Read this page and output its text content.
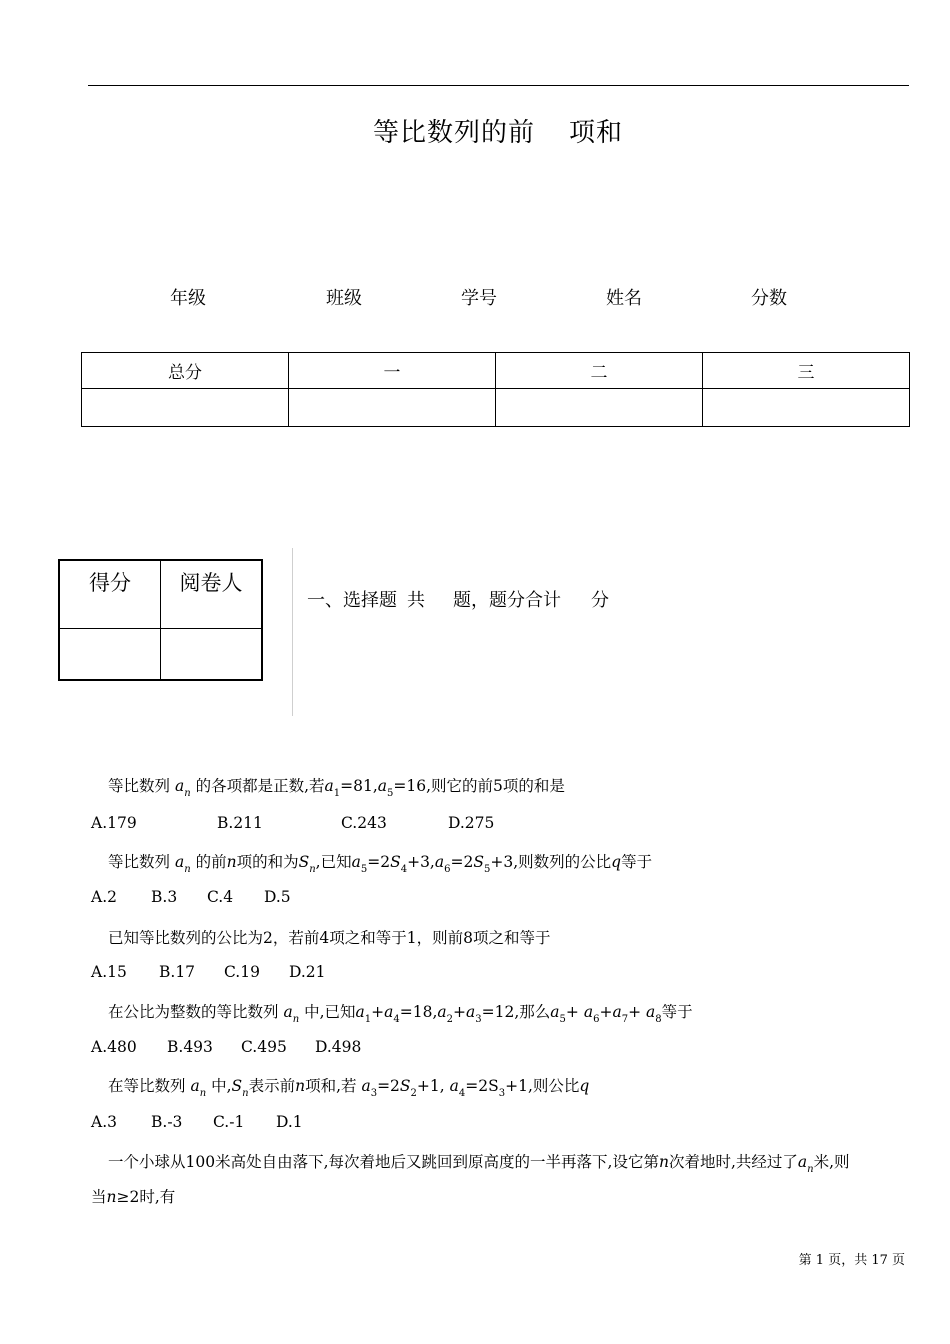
等比数列的前 项和
年级	班级	学号	姓名	分数
总分	一	二	三

得分	阅卷人

一、选择题 共 题，题分合计 分
等比数列 $a_n$ 的各项都是正数,若$a_1=81,a_5=16$,则它的前5项的和是
A.179	B.211	C.243	D.275
等比数列 $a_n$ 的前n项的和为$S_n$,已知$a_5=2S_4+3,a_6=2S_5+3$,则数列的公比q等于
A.2 B.3 C.4 D.5
已知等比数列的公比为2，若前4项之和等于1，则前8项之和等于
A.15 B.17 C.19 D.21
在公比为整数的等比数列 $a_n$ 中,已知$a_1+a_4=18,a_2+a_3=12$,那么$a_5+ a_6+a_7+ a_8$等于
A.480 B.493 C.495 D.498
在等比数列 $a_n$ 中$,S_n$表示前n项和,若 $a_3=2S_2+1$, $a_4=2S_3+1$,则公比q
A.3 B.-3 C.-1 D.1
一个小球从100米高处自由落下,每次着地后又跳回到原高度的一半再落下,设它第n次着地时,共经过了$a_n$米,则
当n≥2时,有
第 1 页，共 17 页
